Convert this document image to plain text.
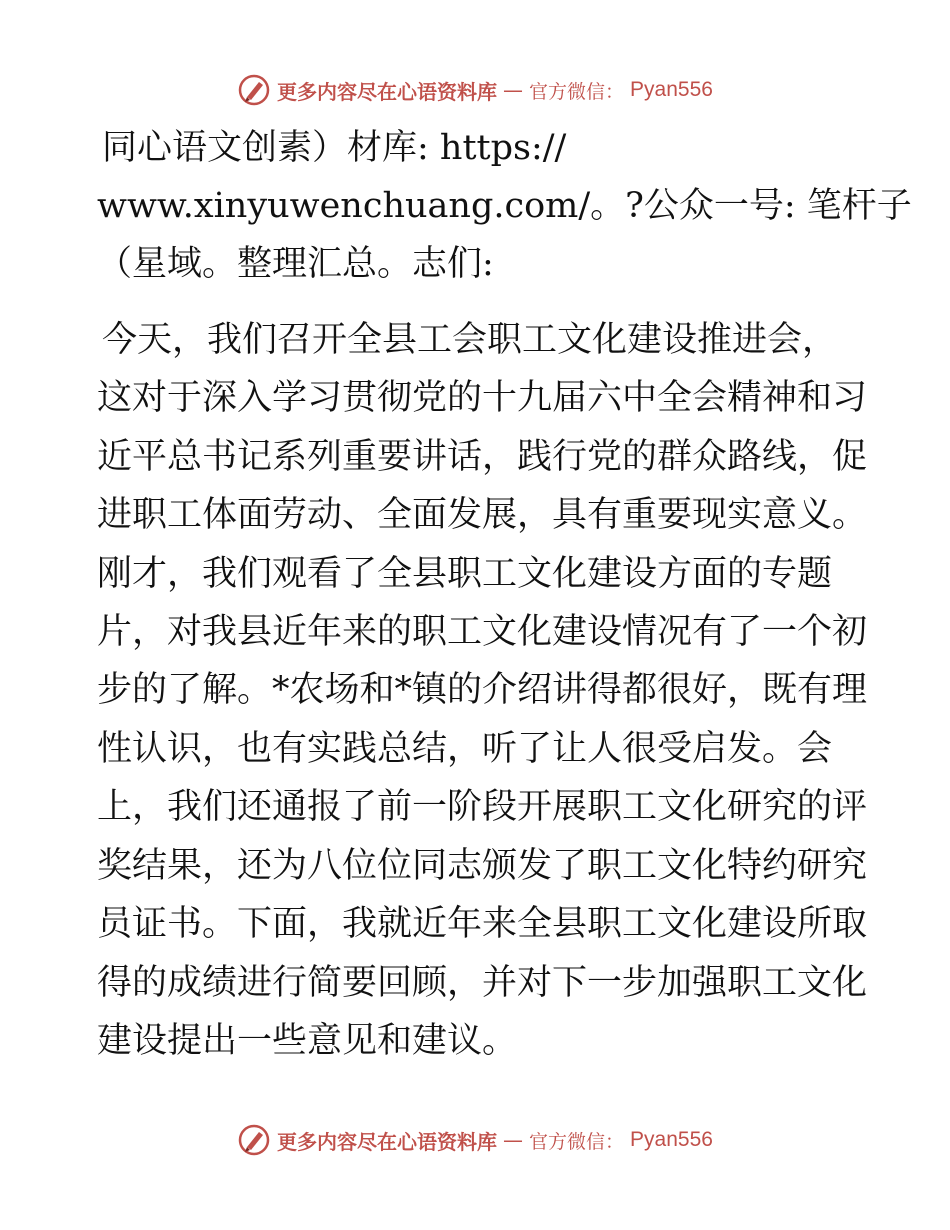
更多内容尽在心语资料库 — 官方微信： Pyan556
同心语文创素）材库: https://
www.xinyuwenchuang.com/。?公众一号: 笔杆子
（星域。整理汇总。志们:
今天，我们召开全县工会职工文化建设推进会，
这对于深入学习贯彻党的十九届六中全会精神和习
近平总书记系列重要讲话，践行党的群众路线，促
进职工体面劳动、全面发展，具有重要现实意义。
刚才，我们观看了全县职工文化建设方面的专题
片，对我县近年来的职工文化建设情况有了一个初
步的了解。*农场和*镇的介绍讲得都很好，既有理
性认识，也有实践总结，听了让人很受启发。会
上，我们还通报了前一阶段开展职工文化研究的评
奖结果，还为八位位同志颁发了职工文化特约研究
员证书。下面，我就近年来全县职工文化建设所取
得的成绩进行简要回顾，并对下一步加强职工文化
建设提出一些意见和建议。
更多内容尽在心语资料库 — 官方微信： Pyan556
